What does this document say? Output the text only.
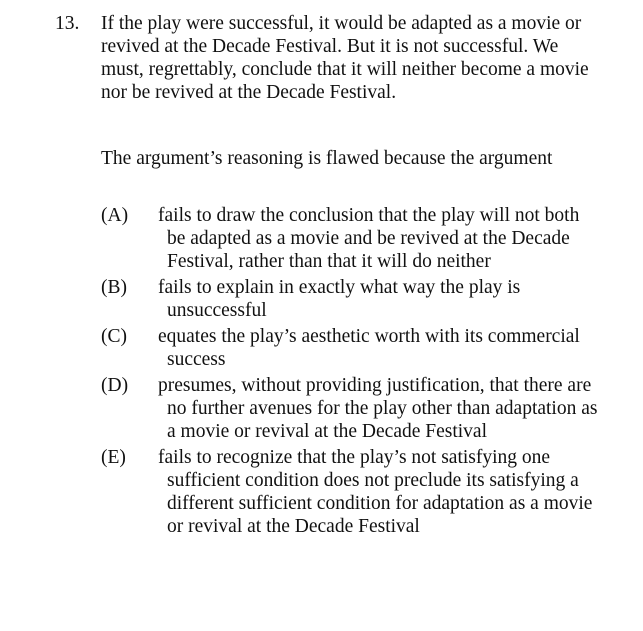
13.	If the play were successful, it would be adapted as a movie or revived at the Decade Festival. But it is not successful. We must, regrettably, conclude that it will neither become a movie nor be revived at the Decade Festival.

The argument’s reasoning is flawed because the argument

(A)	fails to draw the conclusion that the play will not both be adapted as a movie and be revived at the Decade Festival, rather than that it will do neither
(B)	fails to explain in exactly what way the play is unsuccessful
(C)	equates the play’s aesthetic worth with its commercial success
(D)	presumes, without providing justification, that there are no further avenues for the play other than adaptation as a movie or revival at the Decade Festival
(E)	fails to recognize that the play’s not satisfying one sufficient condition does not preclude its satisfying a different sufficient condition for adaptation as a movie or revival at the Decade Festival
